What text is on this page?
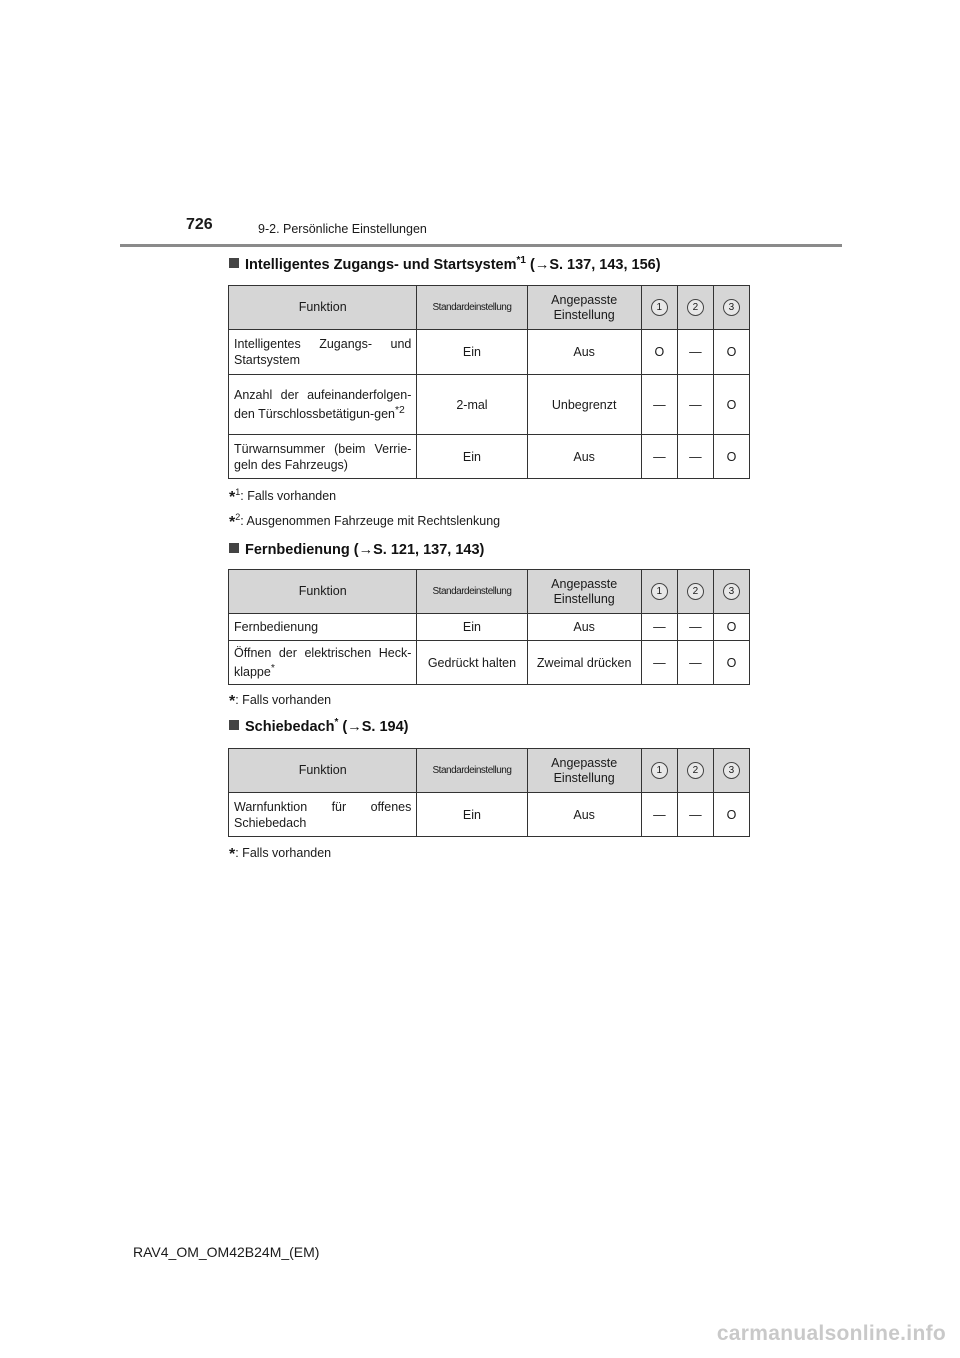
726	9-2. Persönliche Einstellungen
Intelligentes Zugangs- und Startsystem$^{*1}$ (→S. 137, 143, 156)
Funktion	Standardeinstellung	Angepasste Einstellung	1	2	3
Intelligentes Zugangs- und Startsystem	Ein	Aus	O	—	O
Anzahl der aufeinanderfolgen-den Türschlossbetätigun-gen$^{*2}$	2-mal	Unbegrenzt	—	—	O
Türwarnsummer (beim Verrie-geln des Fahrzeugs)	Ein	Aus	—	—	O
*$^1$: Falls vorhanden
*$^2$: Ausgenommen Fahrzeuge mit Rechtslenkung
Fernbedienung (→S. 121, 137, 143)
Funktion	Standardeinstellung	Angepasste Einstellung	1	2	3
Fernbedienung	Ein	Aus	—	—	O
Öffnen der elektrischen Heck-klappe*	Gedrückt halten	Zweimal drücken	—	—	O
*: Falls vorhanden
Schiebedach* (→S. 194)
Funktion	Standardeinstellung	Angepasste Einstellung	1	2	3
Warnfunktion für offenes Schiebedach	Ein	Aus	—	—	O
*: Falls vorhanden
RAV4_OM_OM42B24M_(EM)
carmanualsonline.info
